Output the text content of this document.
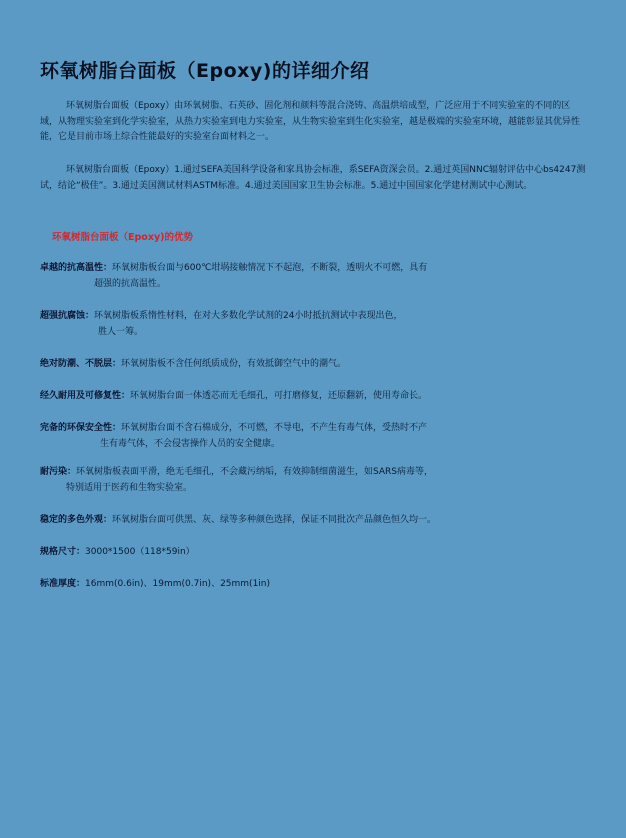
环氧树脂台面板（Epoxy)的详细介绍

环氧树脂台面板（Epoxy）由环氧树脂、石英砂、固化剂和颜料等混合浇铸、高温烘培成型，广泛应用于不同实验室的不同的区域，从物理实验室到化学实验室，从热力实验室到电力实验室，从生物实验室到生化实验室，越是极端的实验室环境，越能彰显其优异性能，它是目前市场上综合性能最好的实验室台面材料之一。

环氧树脂台面板（Epoxy）1.通过SEFA美国科学设备和家具协会标准，系SEFA资深会员。2.通过英国NNC辐射评估中心bs4247测试，结论“极佳”。3.通过美国测试材料ASTM标准。4.通过美国国家卫生协会标准。5.通过中国国家化学建材测试中心测试。

环氧树脂台面板（Epoxy)的优势

卓越的抗高温性：环氧树脂板台面与600℃坩埚接触情况下不起泡，不断裂，透明火不可燃，具有
超强的抗高温性。

超强抗腐蚀：环氧树脂板系惰性材料，在对大多数化学试剂的24小时抵抗测试中表现出色，
胜人一筹。

绝对防潮、不脱层：环氧树脂板不含任何纸质成份，有效抵御空气中的潮气。

经久耐用及可修复性：环氧树脂台面一体透芯而无毛细孔，可打磨修复，还原翻新，使用寿命长。

完备的环保安全性：环氧树脂台面不含石棉成分，不可燃，不导电，不产生有毒气体，受热时不产
生有毒气体，不会侵害操作人员的安全健康。

耐污染：环氧树脂板表面平滑，绝无毛细孔，不会藏污纳垢，有效抑制细菌滋生，如SARS病毒等，
特别适用于医药和生物实验室。

稳定的多色外观：环氧树脂台面可供黑、灰、绿等多种颜色选择，保证不同批次产品颜色恒久均一。

规格尺寸：3000*1500（118*59in）

标准厚度：16mm(0.6in)、19mm(0.7in)、25mm(1in)
